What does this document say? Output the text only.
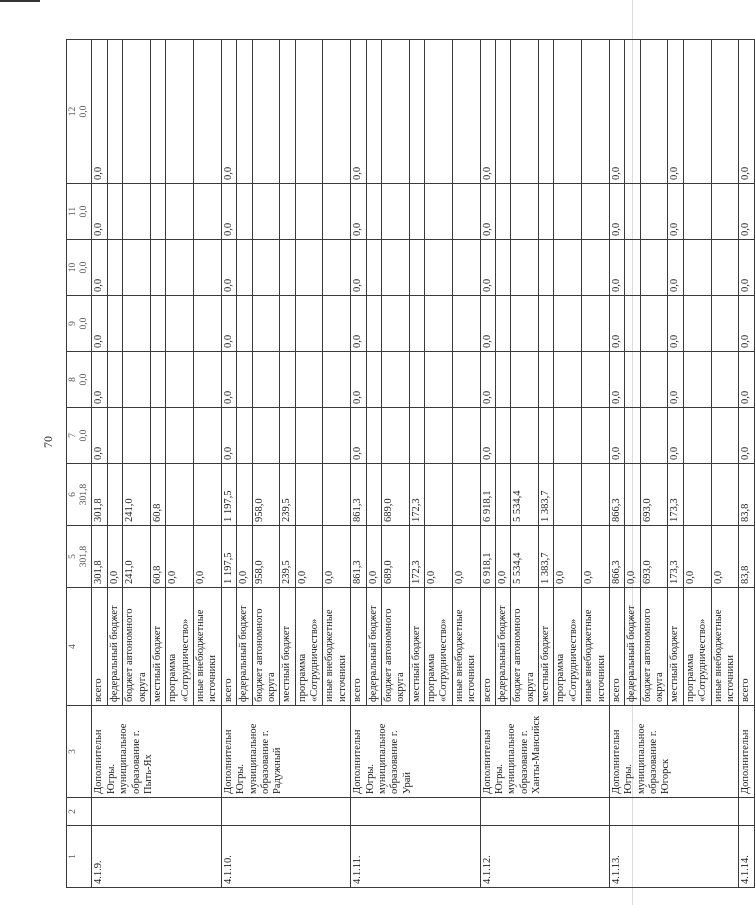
70
1	2	3	4	5 301,8	6 301,8	7 0,0	8 0,0	9 0,0	10 0,0	11 0,0	12 0,0

4.1.9.		Дополнительн Югры. муниципальное образование г. Пыть-Ях	всего	301,8	301,8	0,0	0,0	0,0	0,0	0,0	0,0
			федеральный бюджет	0,0							
			бюджет автономного округа	241,0	241,0						
			местный бюджет	60,8	60,8						
			программа «Сотрудничество»	0,0							
			иные внебюджетные источники	0,0							
4.1.10.		Дополнительн Югры. муниципальное образование г. Радужный	всего	1 197,5	1 197,5	0,0	0,0	0,0	0,0	0,0	0,0
			федеральный бюджет	0,0							
			бюджет автономного округа	958,0	958,0						
			местный бюджет	239,5	239,5						
			программа «Сотрудничество»	0,0							
			иные внебюджетные источники	0,0							
4.1.11.		Дополнительн Югры. муниципальное образование г. Урай	всего	861,3	861,3	0,0	0,0	0,0	0,0	0,0	0,0
			федеральный бюджет	0,0							
			бюджет автономного округа	689,0	689,0						
			местный бюджет	172,3	172,3						
			программа «Сотрудничество»	0,0							
			иные внебюджетные источники	0,0							
4.1.12.		Дополнительн Югры. муниципальное образование г. Ханты-Мансийск	всего	6 918,1	6 918,1	0,0	0,0	0,0	0,0	0,0	0,0
			федеральный бюджет	0,0							
			бюджет автономного округа	5 534,4	5 534,4						
			местный бюджет	1 383,7	1 383,7						
			программа «Сотрудничество»	0,0							
			иные внебюджетные источники	0,0							
4.1.13.		Дополнительн Югры. муниципальное образование г. Югорск	всего	866,3	866,3	0,0	0,0	0,0	0,0	0,0	0,0
			федеральный бюджет	0,0							
			бюджет автономного округа	693,0	693,0						
			местный бюджет	173,3	173,3	0,0	0,0	0,0	0,0	0,0	0,0
			программа «Сотрудничество»	0,0							
			иные внебюджетные источники	0,0							
4.1.14.		Дополнительн	всего	83,8	83,8	0,0	0,0	0,0	0,0	0,0	0,0
